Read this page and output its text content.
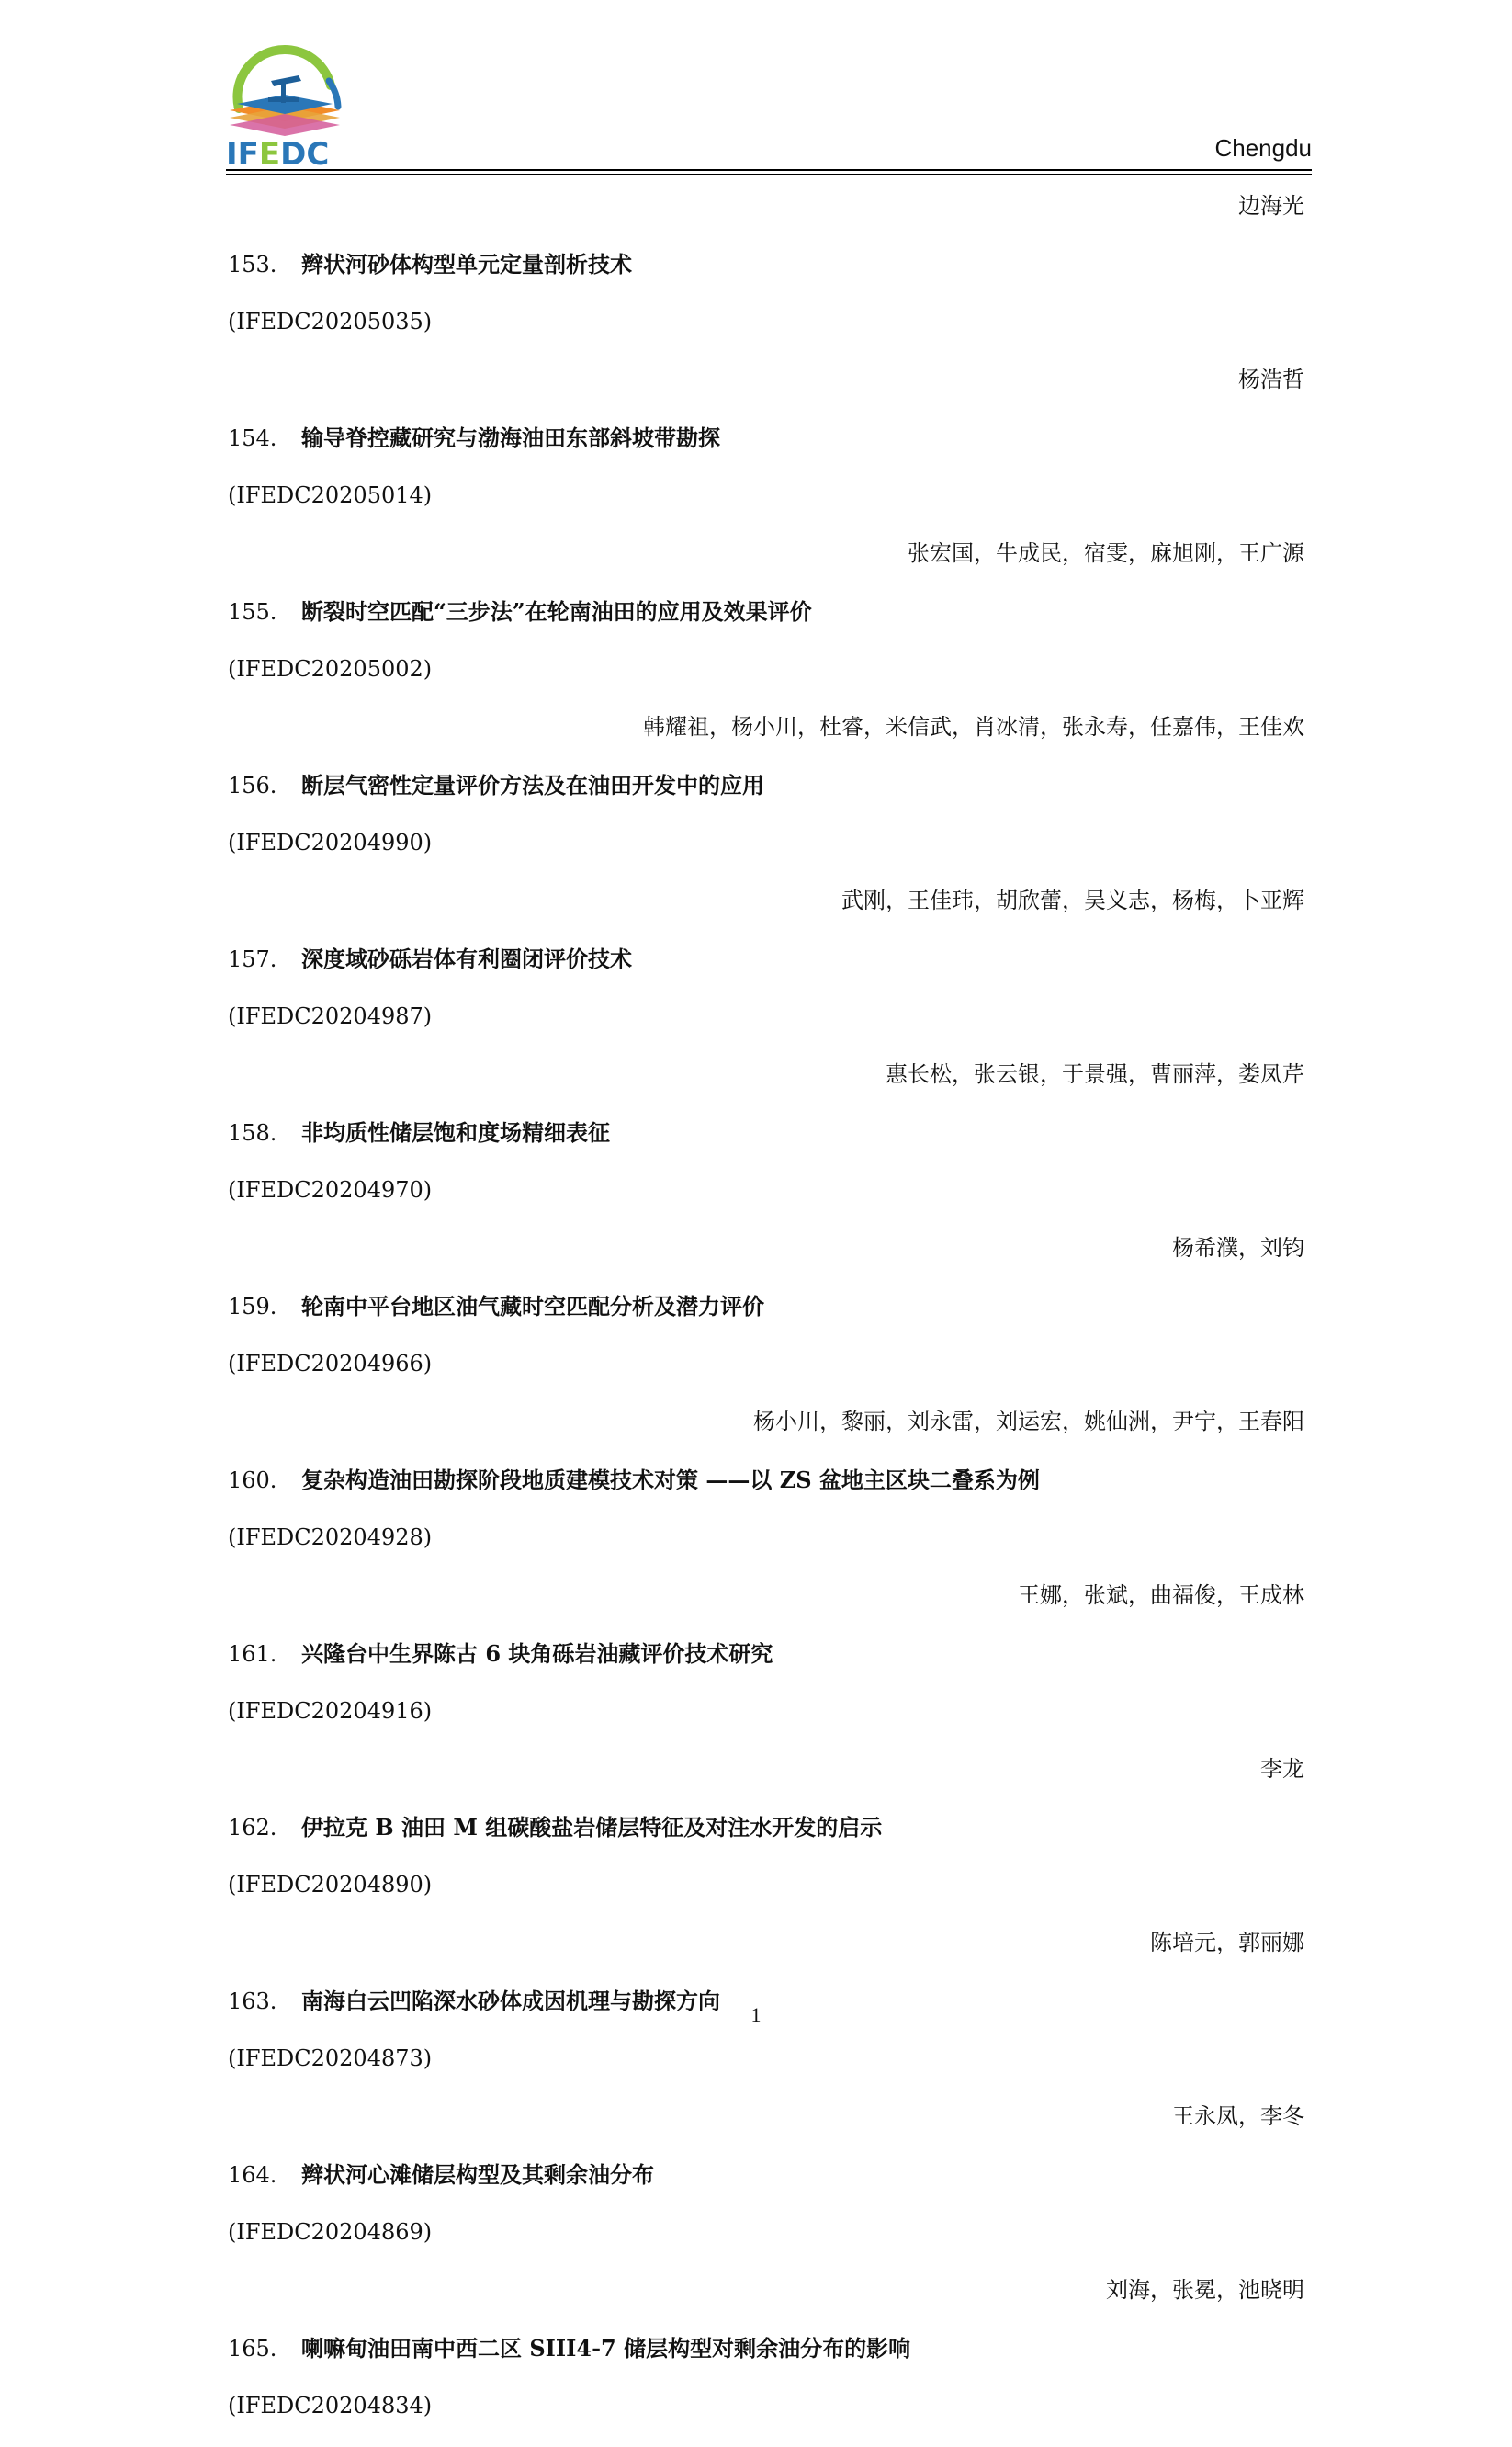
IFEDC	Chengdu
边海光
153. 辫状河砂体构型单元定量剖析技术
(IFEDC20205035)
杨浩哲
154. 输导脊控藏研究与渤海油田东部斜坡带勘探
(IFEDC20205014)
张宏国，牛成民，宿雯，麻旭刚，王广源
155. 断裂时空匹配“三步法”在轮南油田的应用及效果评价
(IFEDC20205002)
韩耀祖，杨小川，杜睿，米信武，肖冰清，张永寿，任嘉伟，王佳欢
156. 断层气密性定量评价方法及在油田开发中的应用
(IFEDC20204990)
武刚，王佳玮，胡欣蕾，吴义志，杨梅，卜亚辉
157. 深度域砂砾岩体有利圈闭评价技术
(IFEDC20204987)
惠长松，张云银，于景强，曹丽萍，娄凤芹
158. 非均质性储层饱和度场精细表征
(IFEDC20204970)
杨希濮，刘钧
159. 轮南中平台地区油气藏时空匹配分析及潜力评价
(IFEDC20204966)
杨小川，黎丽，刘永雷，刘运宏，姚仙洲，尹宁，王春阳
160. 复杂构造油田勘探阶段地质建模技术对策 ——以 ZS 盆地主区块二叠系为例
(IFEDC20204928)
王娜，张斌，曲福俊，王成林
161. 兴隆台中生界陈古 6 块角砾岩油藏评价技术研究
(IFEDC20204916)
李龙
162. 伊拉克 B 油田 M 组碳酸盐岩储层特征及对注水开发的启示
(IFEDC20204890)
陈培元，郭丽娜
163. 南海白云凹陷深水砂体成因机理与勘探方向
(IFEDC20204873)
王永凤，李冬
164. 辫状河心滩储层构型及其剩余油分布
(IFEDC20204869)
刘海，张冕，池晓明
165. 喇嘛甸油田南中西二区 SIII4-7 储层构型对剩余油分布的影响
(IFEDC20204834)
1
